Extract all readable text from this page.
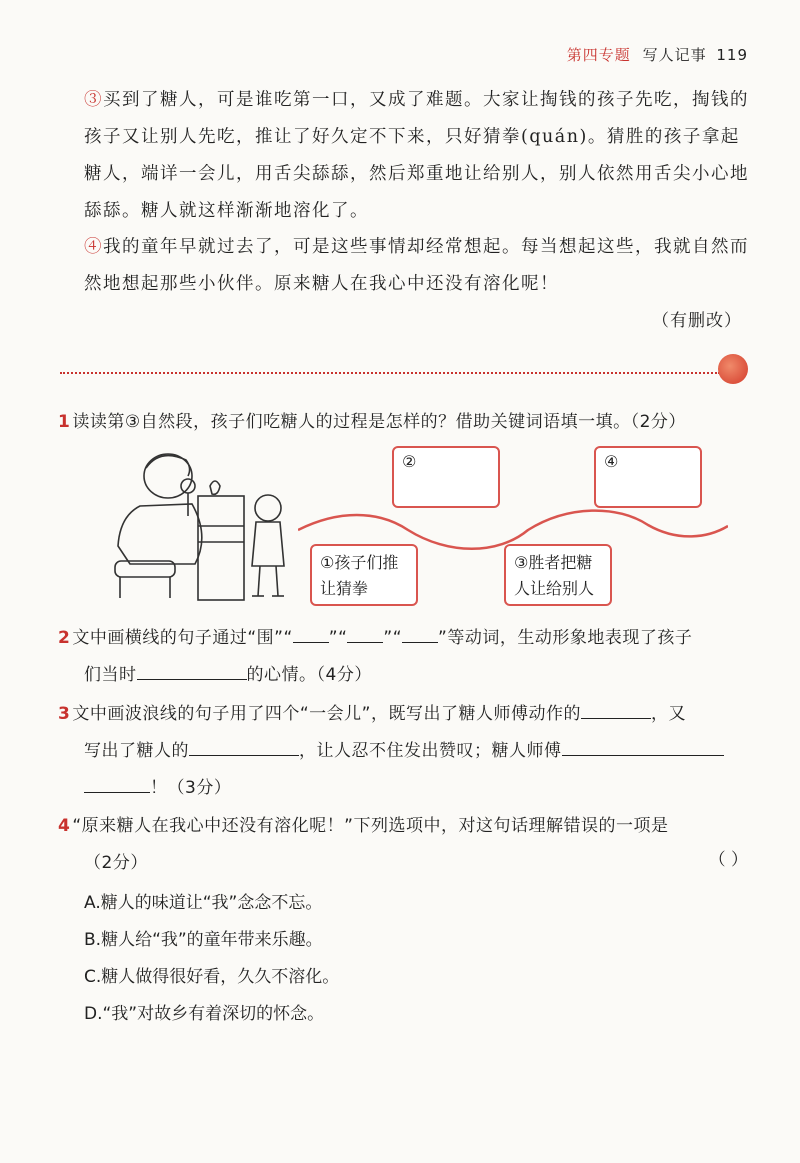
第四专题 写人记事 119
③买到了糖人，可是谁吃第一口，又成了难题。大家让掏钱的孩子先吃，掏钱的孩子又让别人先吃，推让了好久定不下来，只好猜拳(quán)。猜胜的孩子拿起糖人，端详一会儿，用舌尖舔舔，然后郑重地让给别人，别人依然用舌尖小心地舔舔。糖人就这样渐渐地溶化了。
④我的童年早就过去了，可是这些事情却经常想起。每当想起这些，我就自然而然地想起那些小伙伴。原来糖人在我心中还没有溶化呢！
（有删改）
1 读读第③自然段，孩子们吃糖人的过程是怎样的？借助关键词语填一填。（2分）
②	④
①孩子们推让猜拳
③胜者把糖人让给别人
2 文中画横线的句子通过“围”“ ”“ ”“ ”等动词，生动形象地表现了孩子
们当时	的心情。（4分）
3 文中画波浪线的句子用了四个“一会儿”，既写出了糖人师傅动作的	，又
写出了糖人的	，让人忍不住发出赞叹；糖人师傅
！（3分）
4 “原来糖人在我心中还没有溶化呢！”下列选项中，对这句话理解错误的一项是
（2分）	（ ）
A.糖人的味道让“我”念念不忘。
B.糖人给“我”的童年带来乐趣。
C.糖人做得很好看，久久不溶化。
D.“我”对故乡有着深切的怀念。
